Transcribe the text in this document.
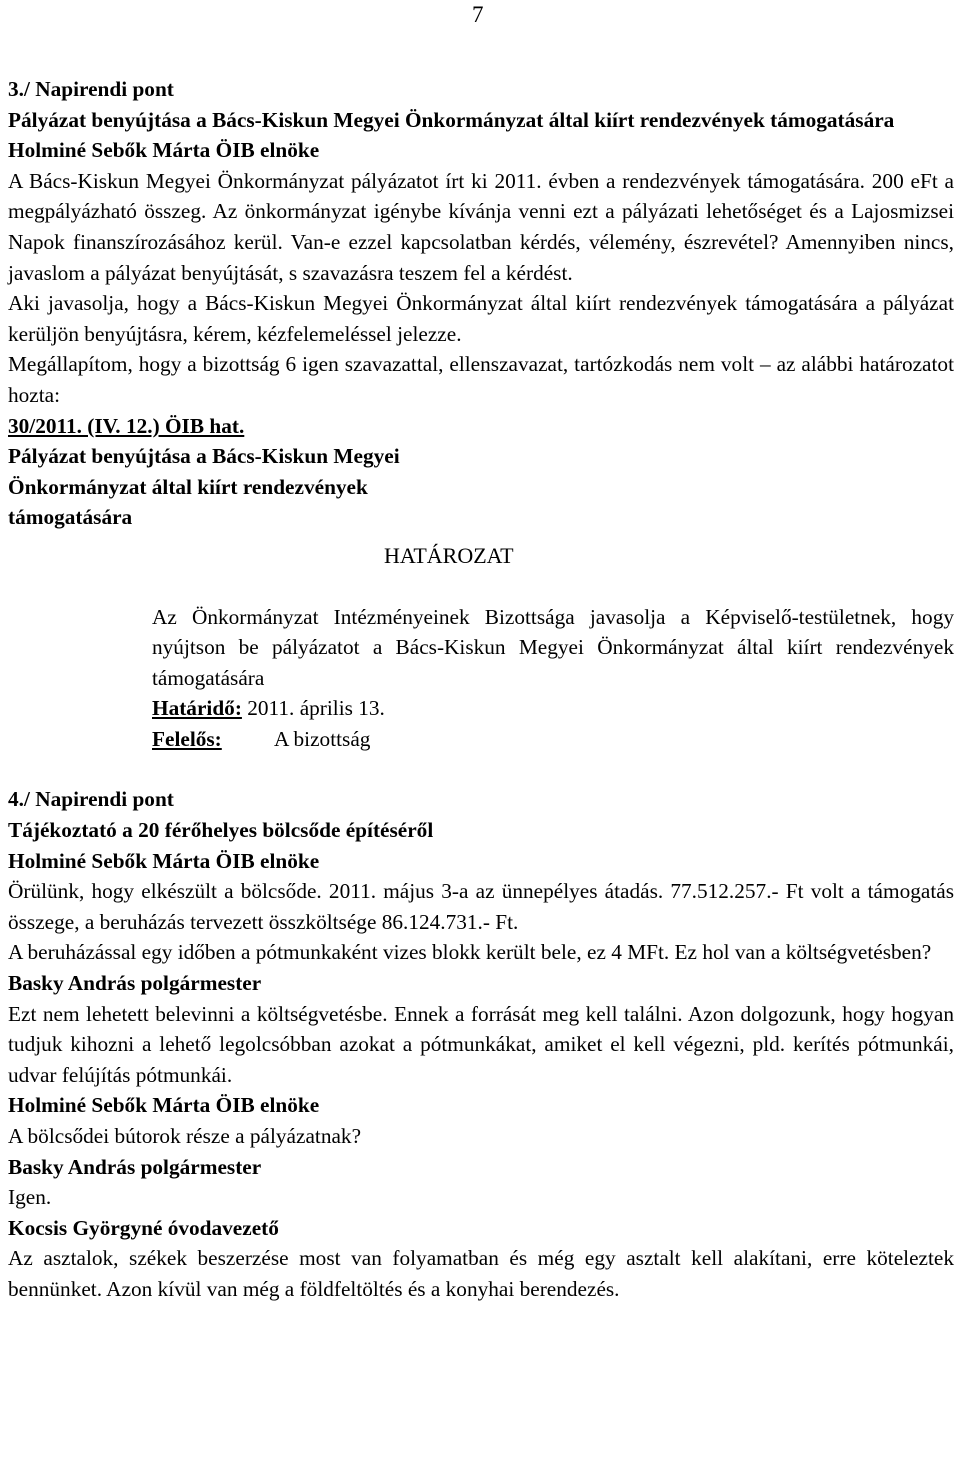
7

3./ Napirendi pont

Pályázat benyújtása a Bács-Kiskun Megyei Önkormányzat által kiírt rendezvények támogatására

Holminé Sebők Márta ÖIB elnöke

A Bács-Kiskun Megyei Önkormányzat pályázatot írt ki 2011. évben a rendezvények támogatására. 200 eFt a megpályázható összeg. Az önkormányzat igénybe kívánja venni ezt a pályázati lehetőséget és a Lajosmizsei Napok finanszírozásához kerül. Van-e ezzel kapcsolatban kérdés, vélemény, észrevétel? Amennyiben nincs, javaslom a pályázat benyújtását, s szavazásra teszem fel a kérdést.

Aki javasolja, hogy a Bács-Kiskun Megyei Önkormányzat által kiírt rendezvények támogatására a pályázat kerüljön benyújtásra, kérem, kézfelemeléssel jelezze.

Megállapítom, hogy a bizottság 6 igen szavazattal, ellenszavazat, tartózkodás nem volt – az alábbi határozatot hozta:

30/2011. (IV. 12.) ÖIB hat.

Pályázat benyújtása a Bács-Kiskun Megyei

Önkormányzat által kiírt rendezvények

támogatására

HATÁROZAT

Az Önkormányzat Intézményeinek Bizottsága javasolja a Képviselő-testületnek, hogy nyújtson be pályázatot a Bács-Kiskun Megyei Önkormányzat által kiírt rendezvények támogatására

Határidő: 2011. április 13.

Felelős: A bizottság

4./ Napirendi pont

Tájékoztató a 20 férőhelyes bölcsőde építéséről

Holminé Sebők Márta ÖIB elnöke

Örülünk, hogy elkészült a bölcsőde. 2011. május 3-a az ünnepélyes átadás. 77.512.257.- Ft volt a támogatás összege, a beruházás tervezett összköltsége 86.124.731.- Ft.

A beruházással egy időben a pótmunkaként vizes blokk került bele, ez 4 MFt. Ez hol van a költségvetésben?

Basky András polgármester

Ezt nem lehetett belevinni a költségvetésbe. Ennek a forrását meg kell találni. Azon dolgozunk, hogy hogyan tudjuk kihozni a lehető legolcsóbban azokat a pótmunkákat, amiket el kell végezni, pld. kerítés pótmunkái, udvar felújítás pótmunkái.

Holminé Sebők Márta ÖIB elnöke

A bölcsődei bútorok része a pályázatnak?

Basky András polgármester

Igen.

Kocsis Györgyné óvodavezető

Az asztalok, székek beszerzése most van folyamatban és még egy asztalt kell alakítani, erre köteleztek bennünket. Azon kívül van még a földfeltöltés és a konyhai berendezés.
